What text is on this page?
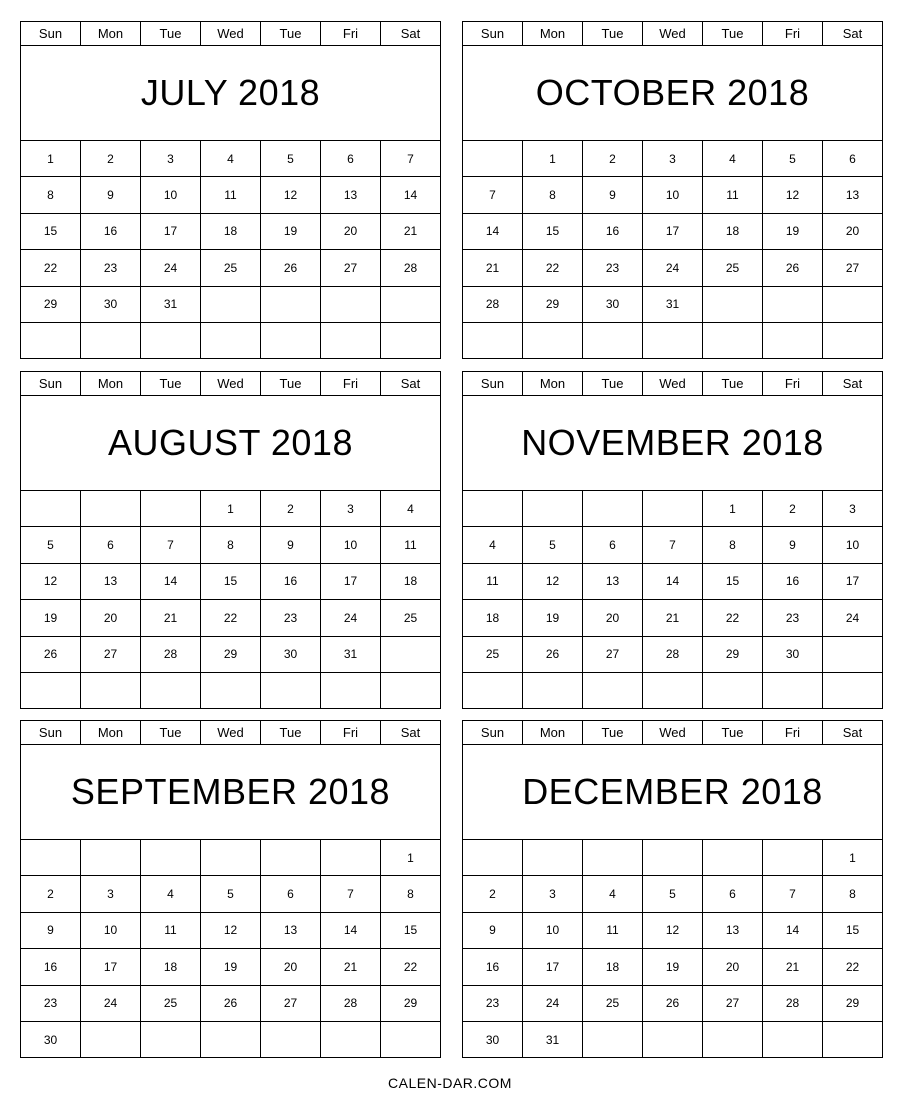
Sun	Mon	Tue	Wed	Tue	Fri	Sat
JULY 2018						
1	2	3	4	5	6	7
8	9	10	11	12	13	14
15	16	17	18	19	20	21
22	23	24	25	26	27	28
29	30	31				

Sun	Mon	Tue	Wed	Tue	Fri	Sat
OCTOBER 2018						
	1	2	3	4	5	6
7	8	9	10	11	12	13
14	15	16	17	18	19	20
21	22	23	24	25	26	27
28	29	30	31			

Sun	Mon	Tue	Wed	Tue	Fri	Sat
AUGUST 2018						
			1	2	3	4
5	6	7	8	9	10	11
12	13	14	15	16	17	18
19	20	21	22	23	24	25
26	27	28	29	30	31	

Sun	Mon	Tue	Wed	Tue	Fri	Sat
NOVEMBER 2018						
				1	2	3
4	5	6	7	8	9	10
11	12	13	14	15	16	17
18	19	20	21	22	23	24
25	26	27	28	29	30	

Sun	Mon	Tue	Wed	Tue	Fri	Sat
SEPTEMBER 2018						
						1
2	3	4	5	6	7	8
9	10	11	12	13	14	15
16	17	18	19	20	21	22
23	24	25	26	27	28	29
30						
Sun	Mon	Tue	Wed	Tue	Fri	Sat
DECEMBER 2018						
						1
2	3	4	5	6	7	8
9	10	11	12	13	14	15
16	17	18	19	20	21	22
23	24	25	26	27	28	29
30	31					
CALEN-DAR.COM
